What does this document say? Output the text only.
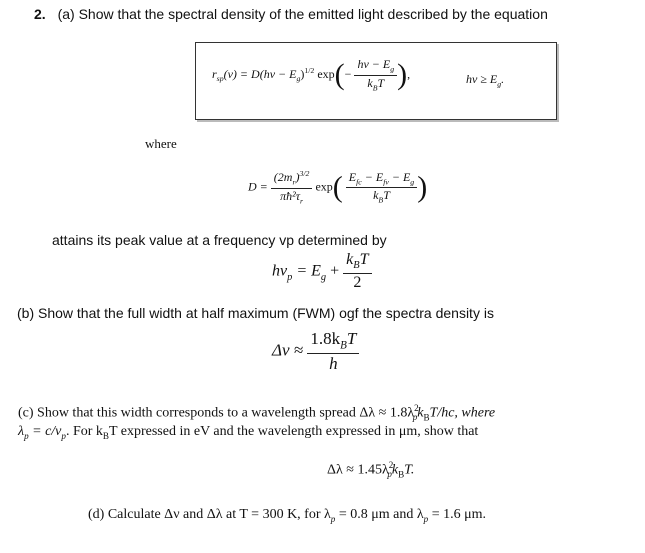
2. (a) Show that the spectral density of the emitted light described by the equation
$r_{sp}(\nu) = D(h\nu - E_g)^{1/2}$ $\exp(- \frac{h\nu - E_g}{k_BT}$ ),	$h\nu \ge E_g$.
where
$D = \frac{(2m_r)^{3/2}}{\pi ħ^2\tau_r} \exp( \frac{E_{fc} - E_{fv} - E_g}{k_BT}$ )
attains its peak value at a frequency vp determined by
$h\nu_p = E_g + \frac{k_BT}{2}$
(b) Show that the full width at half maximum (FWM) ogf the spectra density is
$\Delta\nu \approx \frac{1.8k_BT}{h}$
(c) Show that this width corresponds to a wavelength spread $\Delta\lambda \approx 1.8\lambda^2_pk_BT/hc$, where
$\lambda_p = c/\nu_p$. For $k_BT$ expressed in eV and the wavelength expressed in μm, show that
$\Delta\lambda \approx 1.45\lambda^2_pk_BT$.
(d) Calculate Δν and Δλ at T = 300 K, for $\lambda_p = 0.8$ μm and $\lambda_p = 1.6$ μm.
